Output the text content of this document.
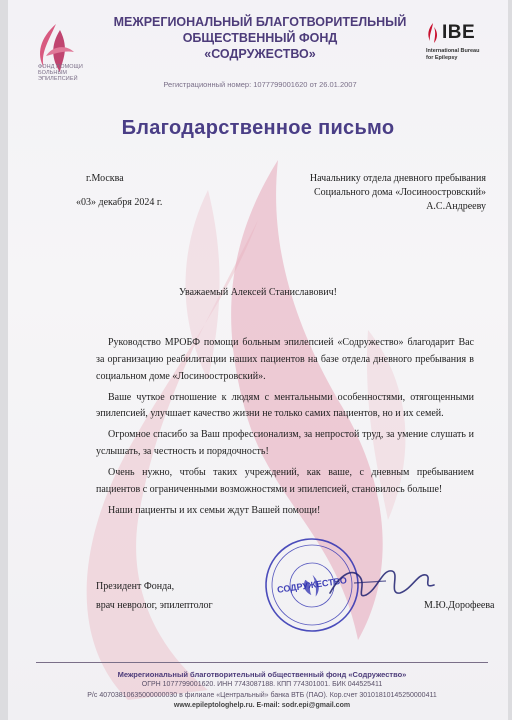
ФОНД ПОМОЩИ БОЛЬНЫМ ЭПИЛЕПСИЕЙ
МЕЖРЕГИОНАЛЬНЫЙ БЛАГОТВОРИТЕЛЬНЫЙ
ОБЩЕСТВЕННЫЙ ФОНД
«СОДРУЖЕСТВО»
Регистрационный номер: 1077799001620 от 26.01.2007
IBE
International Bureau
for Epilepsy
Благодарственное письмо
г.Москва
«03» декабря 2024 г.
Начальнику отдела дневного пребывания
Социального дома «Лосиноостровский»
А.С.Андрееву
Уважаемый Алексей Станиславович!

Руководство МРОБФ помощи больным эпилепсией «Содружество» благодарит Вас за организацию реабилитации наших пациентов на базе отдела дневного пребывания в социальном доме «Лосиноостровский».

Ваше чуткое отношение к людям с ментальными особенностями, отягощенными эпилепсией, улучшает качество жизни не только самих пациентов, но и их семей.

Огромное спасибо за Ваш профессионализм, за непростой труд, за умение слушать и услышать, за честность и порядочность!

Очень нужно, чтобы таких учреждений, как ваше, с дневным пребыванием пациентов с ограниченными возможностями и эпилепсией, становилось больше!

Наши пациенты и их семьи ждут Вашей помощи!

Президент Фонда,
врач невролог, эпилептолог	М.Ю.Дорофеева
СОДРУЖЕСТВО
Межрегиональный благотворительный общественный фонд «Содружество»
ОГРН 1077799001620. ИНН 7743087188. КПП 774301001. БИК 044525411
Р/с 40703810635000000030 в филиале «Центральный» банка ВТБ (ПАО). Кор.счет 30101810145250000411
www.epileptologhelp.ru. E-mail: sodr.epi@gmail.com
